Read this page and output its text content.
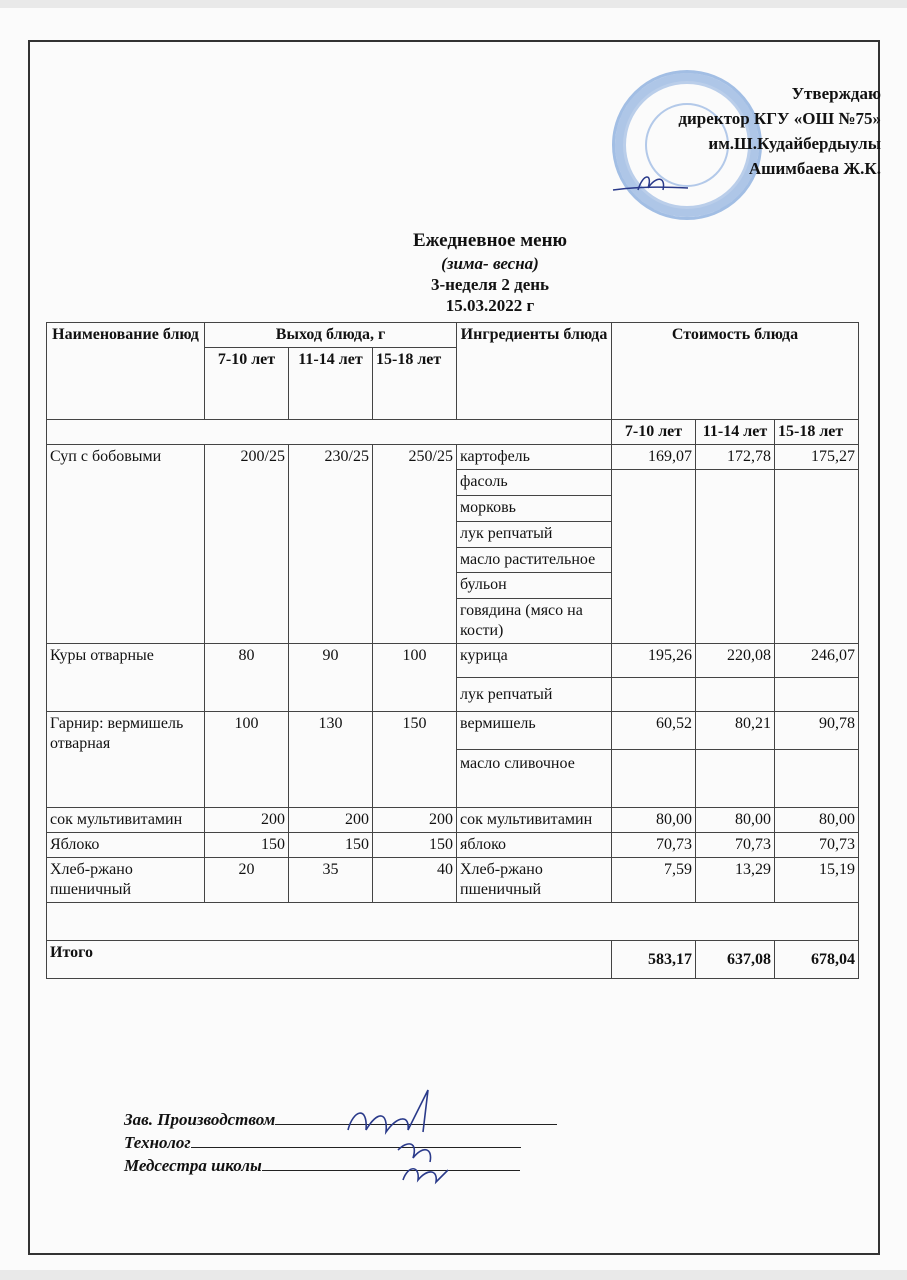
Утверждаю
директор КГУ «ОШ №75»
им.Ш.Кудайбердыулы
Ашимбаева Ж.К.
Ежедневное меню
(зима- весна)
3-неделя 2 день
15.03.2022 г
Наименование блюд	Выход блюда, г			Ингредиенты блюда	Стоимость блюда		
	7-10 лет	11-14 лет	15-18 лет				
					7-10 лет	11-14 лет	15-18 лет
Суп с бобовыми	200/25	230/25	250/25	картофель	169,07	172,78	175,27
				фасоль			
				морковь			
				лук репчатый			
				масло растительное			
				бульон			
				говядина (мясо на кости)			
Куры отварные	80	90	100	курица	195,26	220,08	246,07
				лук репчатый			
Гарнир: вермишель отварная	100	130	150	вермишель	60,52	80,21	90,78
				масло сливочное			
сок мультивитамин	200	200	200	сок мультивитамин	80,00	80,00	80,00
Яблоко	150	150	150	яблоко	70,73	70,73	70,73
Хлеб-ржано пшеничный	20	35	40	Хлеб-ржано пшеничный	7,59	13,29	15,19

Итого					583,17	637,08	678,04
Зав. Производством
Технолог
Медсестра школы
